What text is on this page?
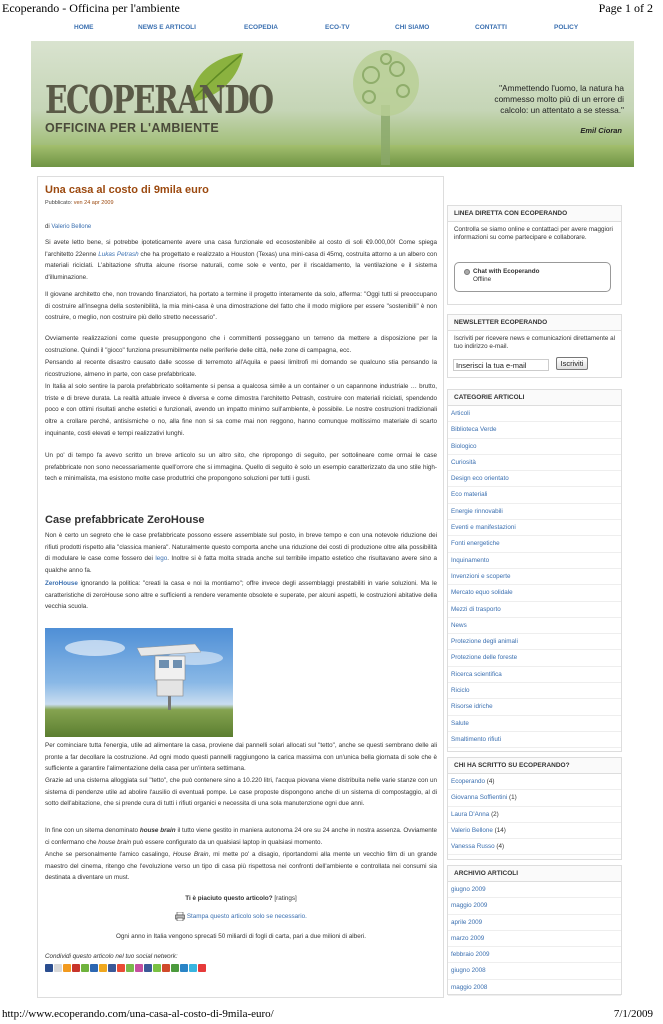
Ecoperando - Officina per l'ambiente	Page 1 of 2
HOME	NEWS E ARTICOLI	ECOPEDIA	ECO-TV	CHI SIAMO	CONTATTI	POLICY
ECOPERANDO
OFFICINA PER L'AMBIENTE
"Ammettendo l'uomo, la natura ha commesso molto più di un errore di calcolo: un attentato a se stessa."
Emil Cioran
Una casa al costo di 9mila euro
Pubblicato: ven 24 apr 2009
di Valerio Bellone
Si avete letto bene, si potrebbe ipoteticamente avere una casa funzionale ed ecosostenibile al costo di soli €9.000,00! Come spiega l'architetto 22enne Lukas Petrash che ha progettato e realizzato a Houston (Texas) una mini-casa di 45mq, costruita attorno a un albero con materiali riciclati. L'abitazione sfrutta alcune risorse naturali, come sole e vento, per il riscaldamento, la ventilazione e il sistema d'illuminazione.
Il giovane architetto che, non trovando finanziatori, ha portato a termine il progetto interamente da solo, afferma: "Oggi tutti si preoccupano di costruire all'insegna della sostenibilità, la mia mini-casa è una dimostrazione del fatto che il modo migliore per essere "sostenibili" è non costruire, o meglio, non costruire più dello stretto necessario".
Ovviamente realizzazioni come queste presuppongono che i committenti posseggano un terreno da mettere a disposizione per la costruzione. Quindi il "gioco" funziona presumibilmente nelle periferie delle città, nelle zone di campagna, ecc.
Pensando al recente disastro causato dalle scosse di terremoto all'Aquila e paesi limitrofi mi domando se qualcuno stia pensando la ricostruzione, almeno in parte, con case prefabbricate.
In Italia al solo sentire la parola prefabbricato solitamente si pensa a qualcosa simile a un container o un capannone industriale … brutto, triste e di breve durata. La realtà attuale invece è diversa e come dimostra l'architetto Petrash, costruire con materiali riciclati, spendendo poco e con ottimi risultati anche estetici e funzionali, avendo un impatto minimo sull'ambiente, è possibile. Le nostre costruzioni tradizionali oltre a crollare perché, antisismiche o no, alla fine non si sa come mai non reggono, hanno comunque moltissimo materiale di scarto inquinante, costi elevati e tempi realizzativi lunghi.
Un po' di tempo fa avevo scritto un breve articolo su un altro sito, che ripropongo di seguito, per sottolineare come ormai le case prefabbricate non sono necessariamente quell'orrore che si immagina. Quello di seguito è solo un esempio caratterizzato da uno stile high-tech e minimalista, ma esistono molte case produttrici che propongono soluzioni per tutti i gusti.
Case prefabbricate ZeroHouse
Non è certo un segreto che le case prefabbricate possono essere assemblate sul posto, in breve tempo e con una notevole riduzione dei rifiuti prodotti rispetto alla "classica maniera". Naturalmente questo comporta anche una riduzione dei costi di produzione oltre alla possibilità di modulare le case come fossero dei lego. Inoltre si è fatta molta strada anche sul terribile impatto estetico che risultavano avere sino a qualche anno fa.
ZeroHouse ignorando la politica: "creati la casa e noi la montiamo"; offre invece degli assemblaggi prestabiliti in varie soluzioni. Ma le caratteristiche di zeroHouse sono altre e sufficienti a rendere veramente obsolete e superate, per alcuni aspetti, le costruzioni abitative della vecchia scuola.
Per cominciare tutta l'energia, utile ad alimentare la casa, proviene dai pannelli solari allocati sul "tetto", anche se questi sembrano delle ali pronte a far decollare la costruzione. Ad ogni modo questi pannelli raggiungono la carica massima con un'unica bella giornata di sole che è sufficiente a garantire l'alimentazione della casa per un'intera settimana.
Grazie ad una cisterna alloggiata sul "tetto", che può contenere sino a 10.220 litri, l'acqua piovana viene distribuita nelle varie stanze con un sistema di pendenze utile ad abolire l'ausilio di eventuali pompe. Le case proposte dispongono anche di un sistema di compostaggio, al di sotto dell'abitazione, che si prende cura di tutti i rifiuti organici e necessita di una sola manutenzione ogni due anni.
In fine con un sitema denominato house brain il tutto viene gestito in maniera autonoma 24 ore su 24 anche in nostra assenza. Ovviamente ci confermano che house brain può essere configurato da un qualsiasi laptop in qualsiasi momento.
Anche se personalmente l'amico casalingo, House Brain, mi mette po' a disagio, riportandomi alla mente un vecchio film di un grande maestro del cinema, ritengo che l'evoluzione verso un tipo di casa più rispettosa nei confronti dell'ambiente e controllata nei consumi sia destinata a diventare un must.
Ti è piaciuto questo articolo? [ratings]
Stampa questo articolo solo se necessario.
Ogni anno in Italia vengono sprecati 50 miliardi di fogli di carta, pari a due milioni di alberi.
Condividi questo articolo nel tuo social network:
LINEA DIRETTA CON ECOPERANDO
Controlla se siamo online e contattaci per avere maggiori informazioni su come partecipare e collaborare.
Chat with Ecoperando
Offline
NEWSLETTER ECOPERANDO
Iscriviti per ricevere news e comunicazioni direttamente al tuo indirizzo e-mail.
Inserisci la tua e-mail	Iscriviti
CATEGORIE ARTICOLI
Articoli
Biblioteca Verde
Biologico
Curiosità
Design eco orientato
Eco materiali
Energie rinnovabili
Eventi e manifestazioni
Fonti energetiche
Inquinamento
Invenzioni e scoperte
Mercato equo solidale
Mezzi di trasporto
News
Protezione degli animali
Protezione delle foreste
Ricerca scientifica
Riciclo
Risorse idriche
Salute
Smaltimento rifiuti
CHI HA SCRITTO SU ECOPERANDO?
Ecoperando (4)
Giovanna Soffientini (1)
Laura D'Anna (2)
Valerio Bellone (14)
Vanessa Russo (4)
ARCHIVIO ARTICOLI
giugno 2009
maggio 2009
aprile 2009
marzo 2009
febbraio 2009
giugno 2008
maggio 2008
http://www.ecoperando.com/una-casa-al-costo-di-9mila-euro/	7/1/2009
